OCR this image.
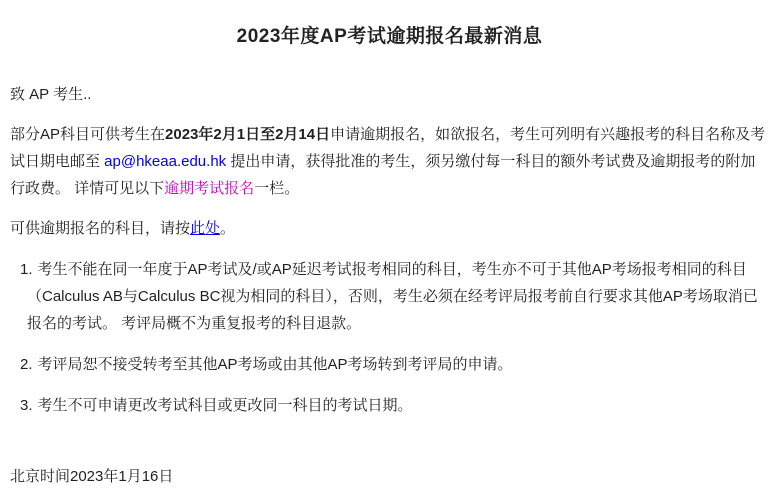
2023年度AP考试逾期报名最新消息

致 AP 考生..

部分AP科目可供考生在2023年2月1日至2月14日申请逾期报名，如欲报名，考生可列明有兴趣报考的科目名称及考试日期电邮至 ap@hkeaa.edu.hk 提出申请，获得批准的考生，须另缴付每一科目的额外考试费及逾期报考的附加行政费。 详情可见以下逾期考试报名一栏。

可供逾期报名的科目，请按此处。

1. 考生不能在同一年度于AP考试及/或AP延迟考试报考相同的科目，考生亦不可于其他AP考场报考相同的科目（Calculus AB与Calculus BC视为相同的科目），否则，考生必须在经考评局报考前自行要求其他AP考场取消已报名的考试。 考评局概不为重复报考的科目退款。
2. 考评局恕不接受转考至其他AP考场或由其他AP考场转到考评局的申请。
3. 考生不可申请更改考试科目或更改同一科目的考试日期。

北京时间2023年1月16日
